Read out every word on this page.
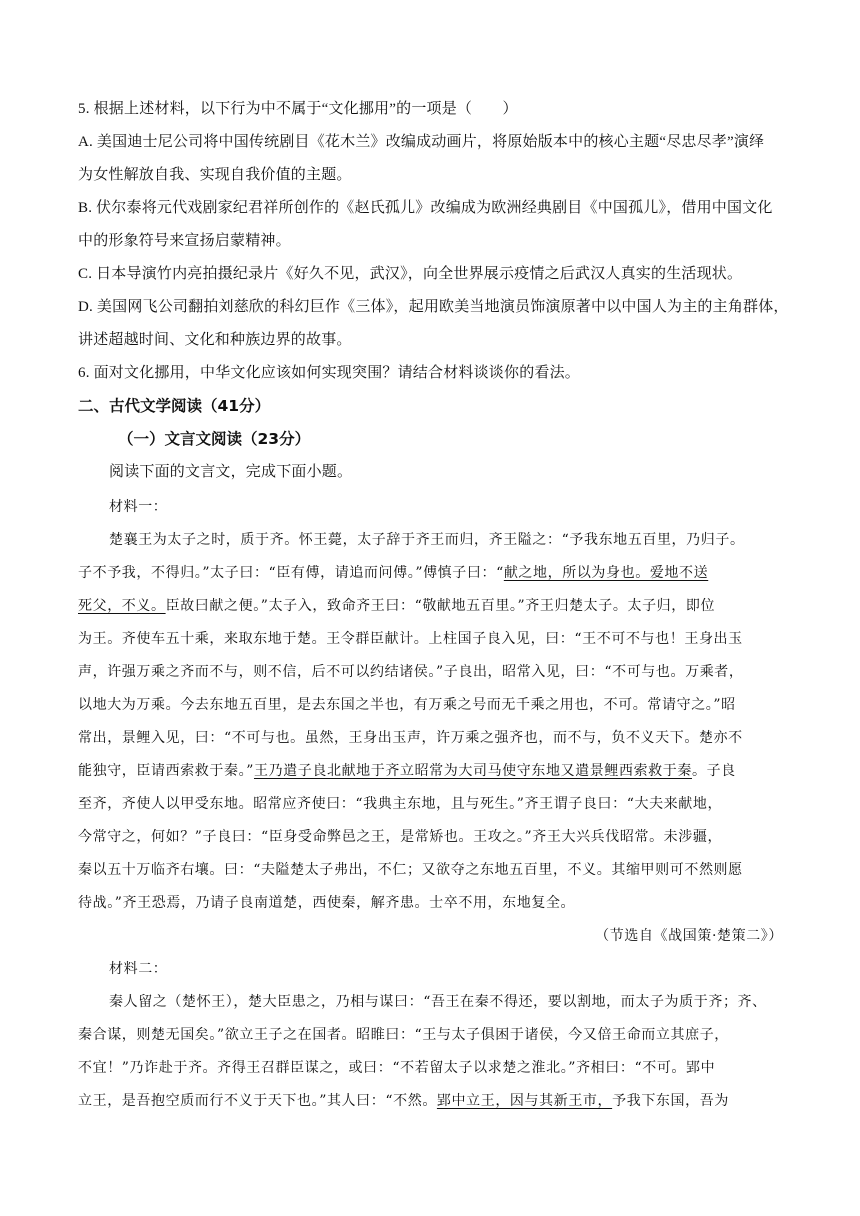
5. 根据上述材料，以下行为中不属于“文化挪用”的一项是（　　）
A. 美国迪士尼公司将中国传统剧目《花木兰》改编成动画片，将原始版本中的核心主题“尽忠尽孝”演绎
为女性解放自我、实现自我价值的主题。
B. 伏尔泰将元代戏剧家纪君祥所创作的《赵氏孤儿》改编成为欧洲经典剧目《中国孤儿》，借用中国文化
中的形象符号来宣扬启蒙精神。
C. 日本导演竹内亮拍摄纪录片《好久不见，武汉》，向全世界展示疫情之后武汉人真实的生活现状。
D. 美国网飞公司翻拍刘慈欣的科幻巨作《三体》，起用欧美当地演员饰演原著中以中国人为主的主角群体，
讲述超越时间、文化和种族边界的故事。
6. 面对文化挪用，中华文化应该如何实现突围？请结合材料谈谈你的看法。
二、古代文学阅读（41分）
（一）文言文阅读（23分）
阅读下面的文言文，完成下面小题。
材料一：
楚襄王为太子之时，质于齐。怀王薨，太子辞于齐王而归，齐王隘之：“予我东地五百里，乃归子。
子不予我，不得归。”太子曰：“臣有傅，请追而问傅。”傅慎子曰：“献之地，所以为身也。爱地不送
死父，不义。臣故曰献之便。”太子入，致命齐王曰：“敬献地五百里。”齐王归楚太子。太子归，即位
为王。齐使车五十乘，来取东地于楚。王令群臣献计。上柱国子良入见，曰：“王不可不与也！王身出玉
声，许强万乘之齐而不与，则不信，后不可以约结诸侯。”子良出，昭常入见，曰：“不可与也。万乘者，
以地大为万乘。今去东地五百里，是去东国之半也，有万乘之号而无千乘之用也，不可。常请守之。”昭
常出，景鲤入见，曰：“不可与也。虽然，王身出玉声，许万乘之强齐也，而不与，负不义天下。楚亦不
能独守，臣请西索救于秦。”王乃遣子良北献地于齐立昭常为大司马使守东地又遣景鲤西索救于秦。子良
至齐，齐使人以甲受东地。昭常应齐使曰：“我典主东地，且与死生。”齐王谓子良曰：“大夫来献地，
今常守之，何如？”子良曰：“臣身受命弊邑之王，是常矫也。王攻之。”齐王大兴兵伐昭常。未涉疆，
秦以五十万临齐右壤。曰：“夫隘楚太子弗出，不仁；又欲夺之东地五百里，不义。其缩甲则可不然则愿
待战。”齐王恐焉，乃请子良南道楚，西使秦，解齐患。士卒不用，东地复全。
（节选自《战国策·楚策二》）
材料二：
秦人留之（楚怀王），楚大臣患之，乃相与谋曰：“吾王在秦不得还，要以割地，而太子为质于齐；齐、
秦合谋，则楚无国矣。”欲立王子之在国者。昭睢曰：“王与太子俱困于诸侯，今又倍王命而立其庶子，
不宜！”乃诈赴于齐。齐得王召群臣谋之，或曰：“不若留太子以求楚之淮北。”齐相曰：“不可。郢中
立王，是吾抱空质而行不义于天下也。”其人曰：“不然。郢中立王，因与其新王市，予我下东国，吾为
